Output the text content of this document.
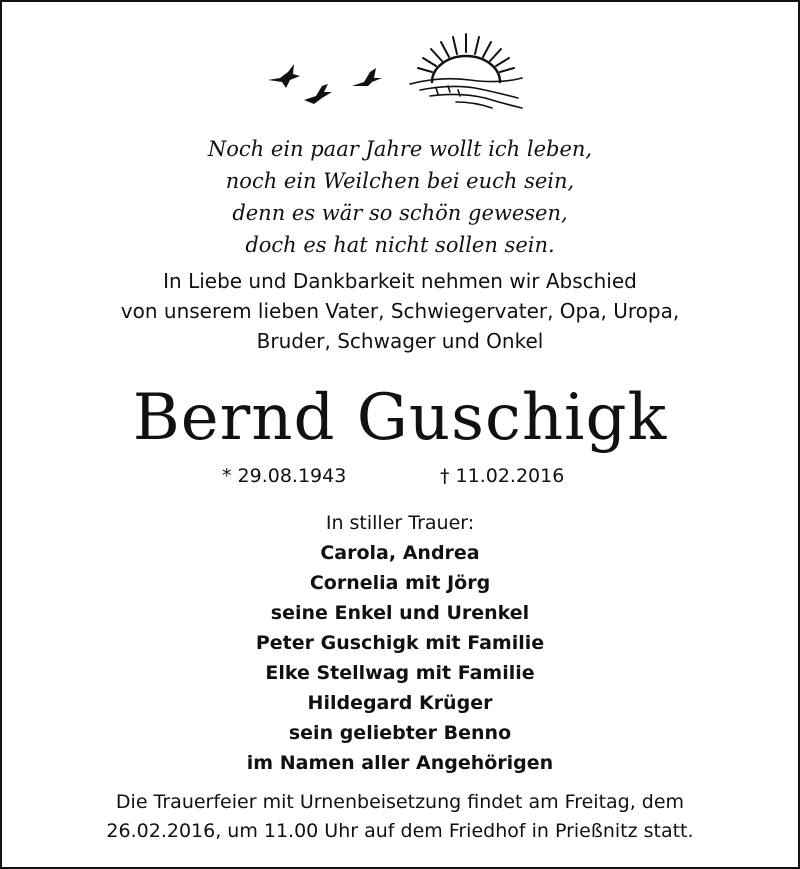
Noch ein paar Jahre wollt ich leben,
noch ein Weilchen bei euch sein,
denn es wär so schön gewesen,
doch es hat nicht sollen sein.
In Liebe und Dankbarkeit nehmen wir Abschied
von unserem lieben Vater, Schwiegervater, Opa, Uropa,
Bruder, Schwager und Onkel
Bernd Guschigk
* 29.08.1943	† 11.02.2016
In stiller Trauer:
Carola, Andrea
Cornelia mit Jörg
seine Enkel und Urenkel
Peter Guschigk mit Familie
Elke Stellwag mit Familie
Hildegard Krüger
sein geliebter Benno
im Namen aller Angehörigen
Die Trauerfeier mit Urnenbeisetzung findet am Freitag, dem
26.02.2016, um 11.00 Uhr auf dem Friedhof in Prießnitz statt.
